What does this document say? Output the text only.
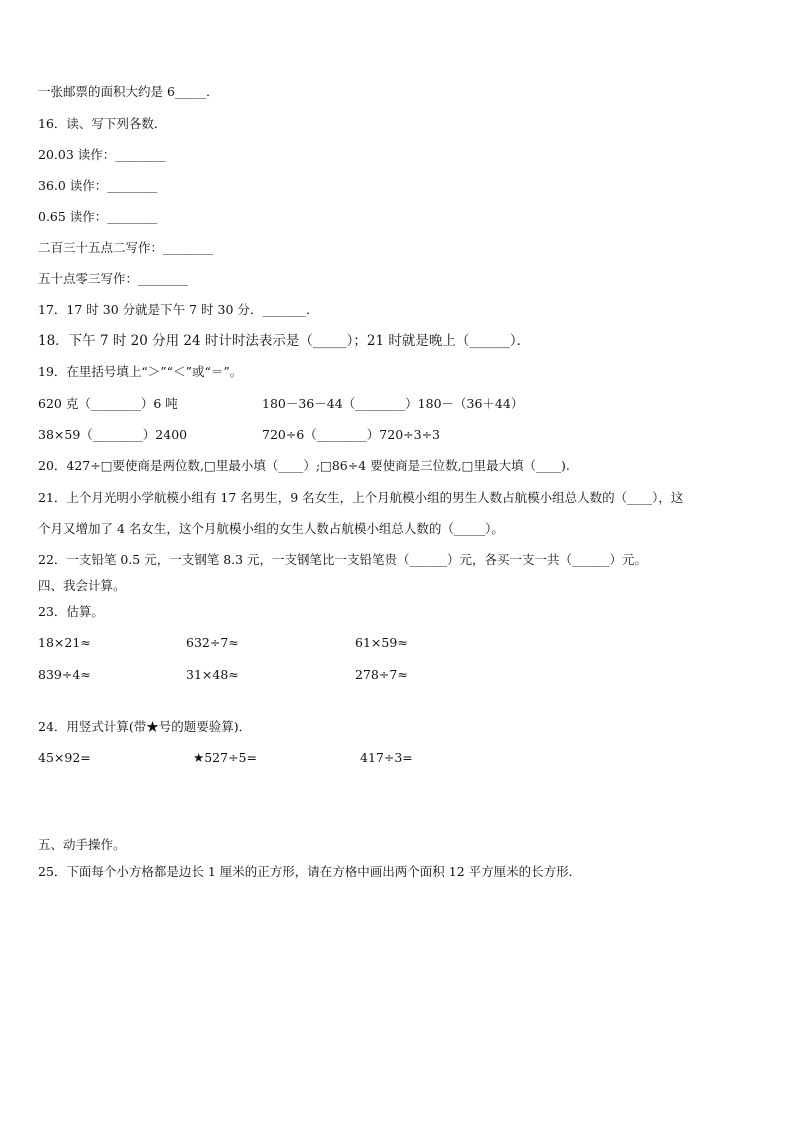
一张邮票的面积大约是 6_____．
16．读、写下列各数．
20.03 读作：________
36.0 读作：________
0.65 读作：________
二百三十五点二写作：________
五十点零三写作：________
17．17 时 30 分就是下午 7 时 30 分．_______．
18．下午 7 时 20 分用 24 时计时法表示是（_____）；21 时就是晚上（______）．
19．在里括号填上“＞”“＜”或“＝”。
620 克（________）6 吨	180－36－44（________）180－（36＋44）
38×59（________）2400	720÷6（________）720÷3÷3
20．427÷□要使商是两位数,□里最小填（____）;□86÷4 要使商是三位数,□里最大填（____).
21．上个月光明小学航模小组有 17 名男生，9 名女生，上个月航模小组的男生人数占航模小组总人数的（____），这
个月又增加了 4 名女生，这个月航模小组的女生人数占航模小组总人数的（_____）。
22．一支铅笔 0.5 元，一支钢笔 8.3 元，一支钢笔比一支铅笔贵（______）元，各买一支一共（______）元。
四、我会计算。
23．估算。
18×21≈	632÷7≈	61×59≈
839÷4≈	31×48≈	278÷7≈
24．用竖式计算(带★号的题要验算)．
45×92=	★527÷5=	417÷3=
五、动手操作。
25．下面每个小方格都是边长 1 厘米的正方形，请在方格中画出两个面积 12 平方厘米的长方形．
